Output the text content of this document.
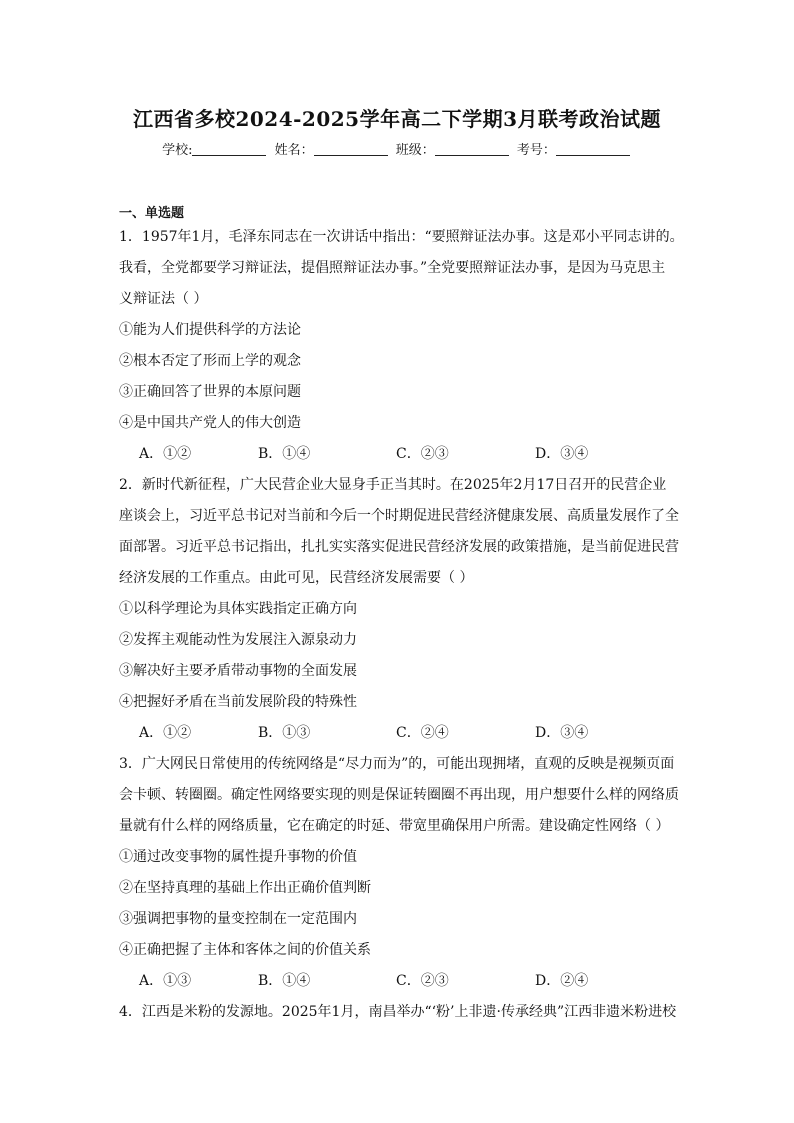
江西省多校2024-2025学年高二下学期3月联考政治试题
学校:	姓名：	班级：	考号：
一、单选题
1．1957年1月，毛泽东同志在一次讲话中指出：“要照辩证法办事。这是邓小平同志讲的。
我看，全党都要学习辩证法，提倡照辩证法办事。”全党要照辩证法办事，是因为马克思主
义辩证法（ ）
①能为人们提供科学的方法论
②根本否定了形而上学的观念
③正确回答了世界的本原问题
④是中国共产党人的伟大创造
A．①②	B．①④	C．②③	D．③④
2．新时代新征程，广大民营企业大显身手正当其时。在2025年2月17日召开的民营企业
座谈会上，习近平总书记对当前和今后一个时期促进民营经济健康发展、高质量发展作了全
面部署。习近平总书记指出，扎扎实实落实促进民营经济发展的政策措施，是当前促进民营
经济发展的工作重点。由此可见，民营经济发展需要（ ）
①以科学理论为具体实践指定正确方向
②发挥主观能动性为发展注入源泉动力
③解决好主要矛盾带动事物的全面发展
④把握好矛盾在当前发展阶段的特殊性
A．①②	B．①③	C．②④	D．③④
3．广大网民日常使用的传统网络是“尽力而为”的，可能出现拥堵，直观的反映是视频页面
会卡顿、转圈圈。确定性网络要实现的则是保证转圈圈不再出现，用户想要什么样的网络质
量就有什么样的网络质量，它在确定的时延、带宽里确保用户所需。建设确定性网络（ ）
①通过改变事物的属性提升事物的价值
②在坚持真理的基础上作出正确价值判断
③强调把事物的量变控制在一定范围内
④正确把握了主体和客体之间的价值关系
A．①③	B．①④	C．②③	D．②④
4．江西是米粉的发源地。2025年1月，南昌举办“‘粉’上非遗·传承经典”江西非遗米粉进校
